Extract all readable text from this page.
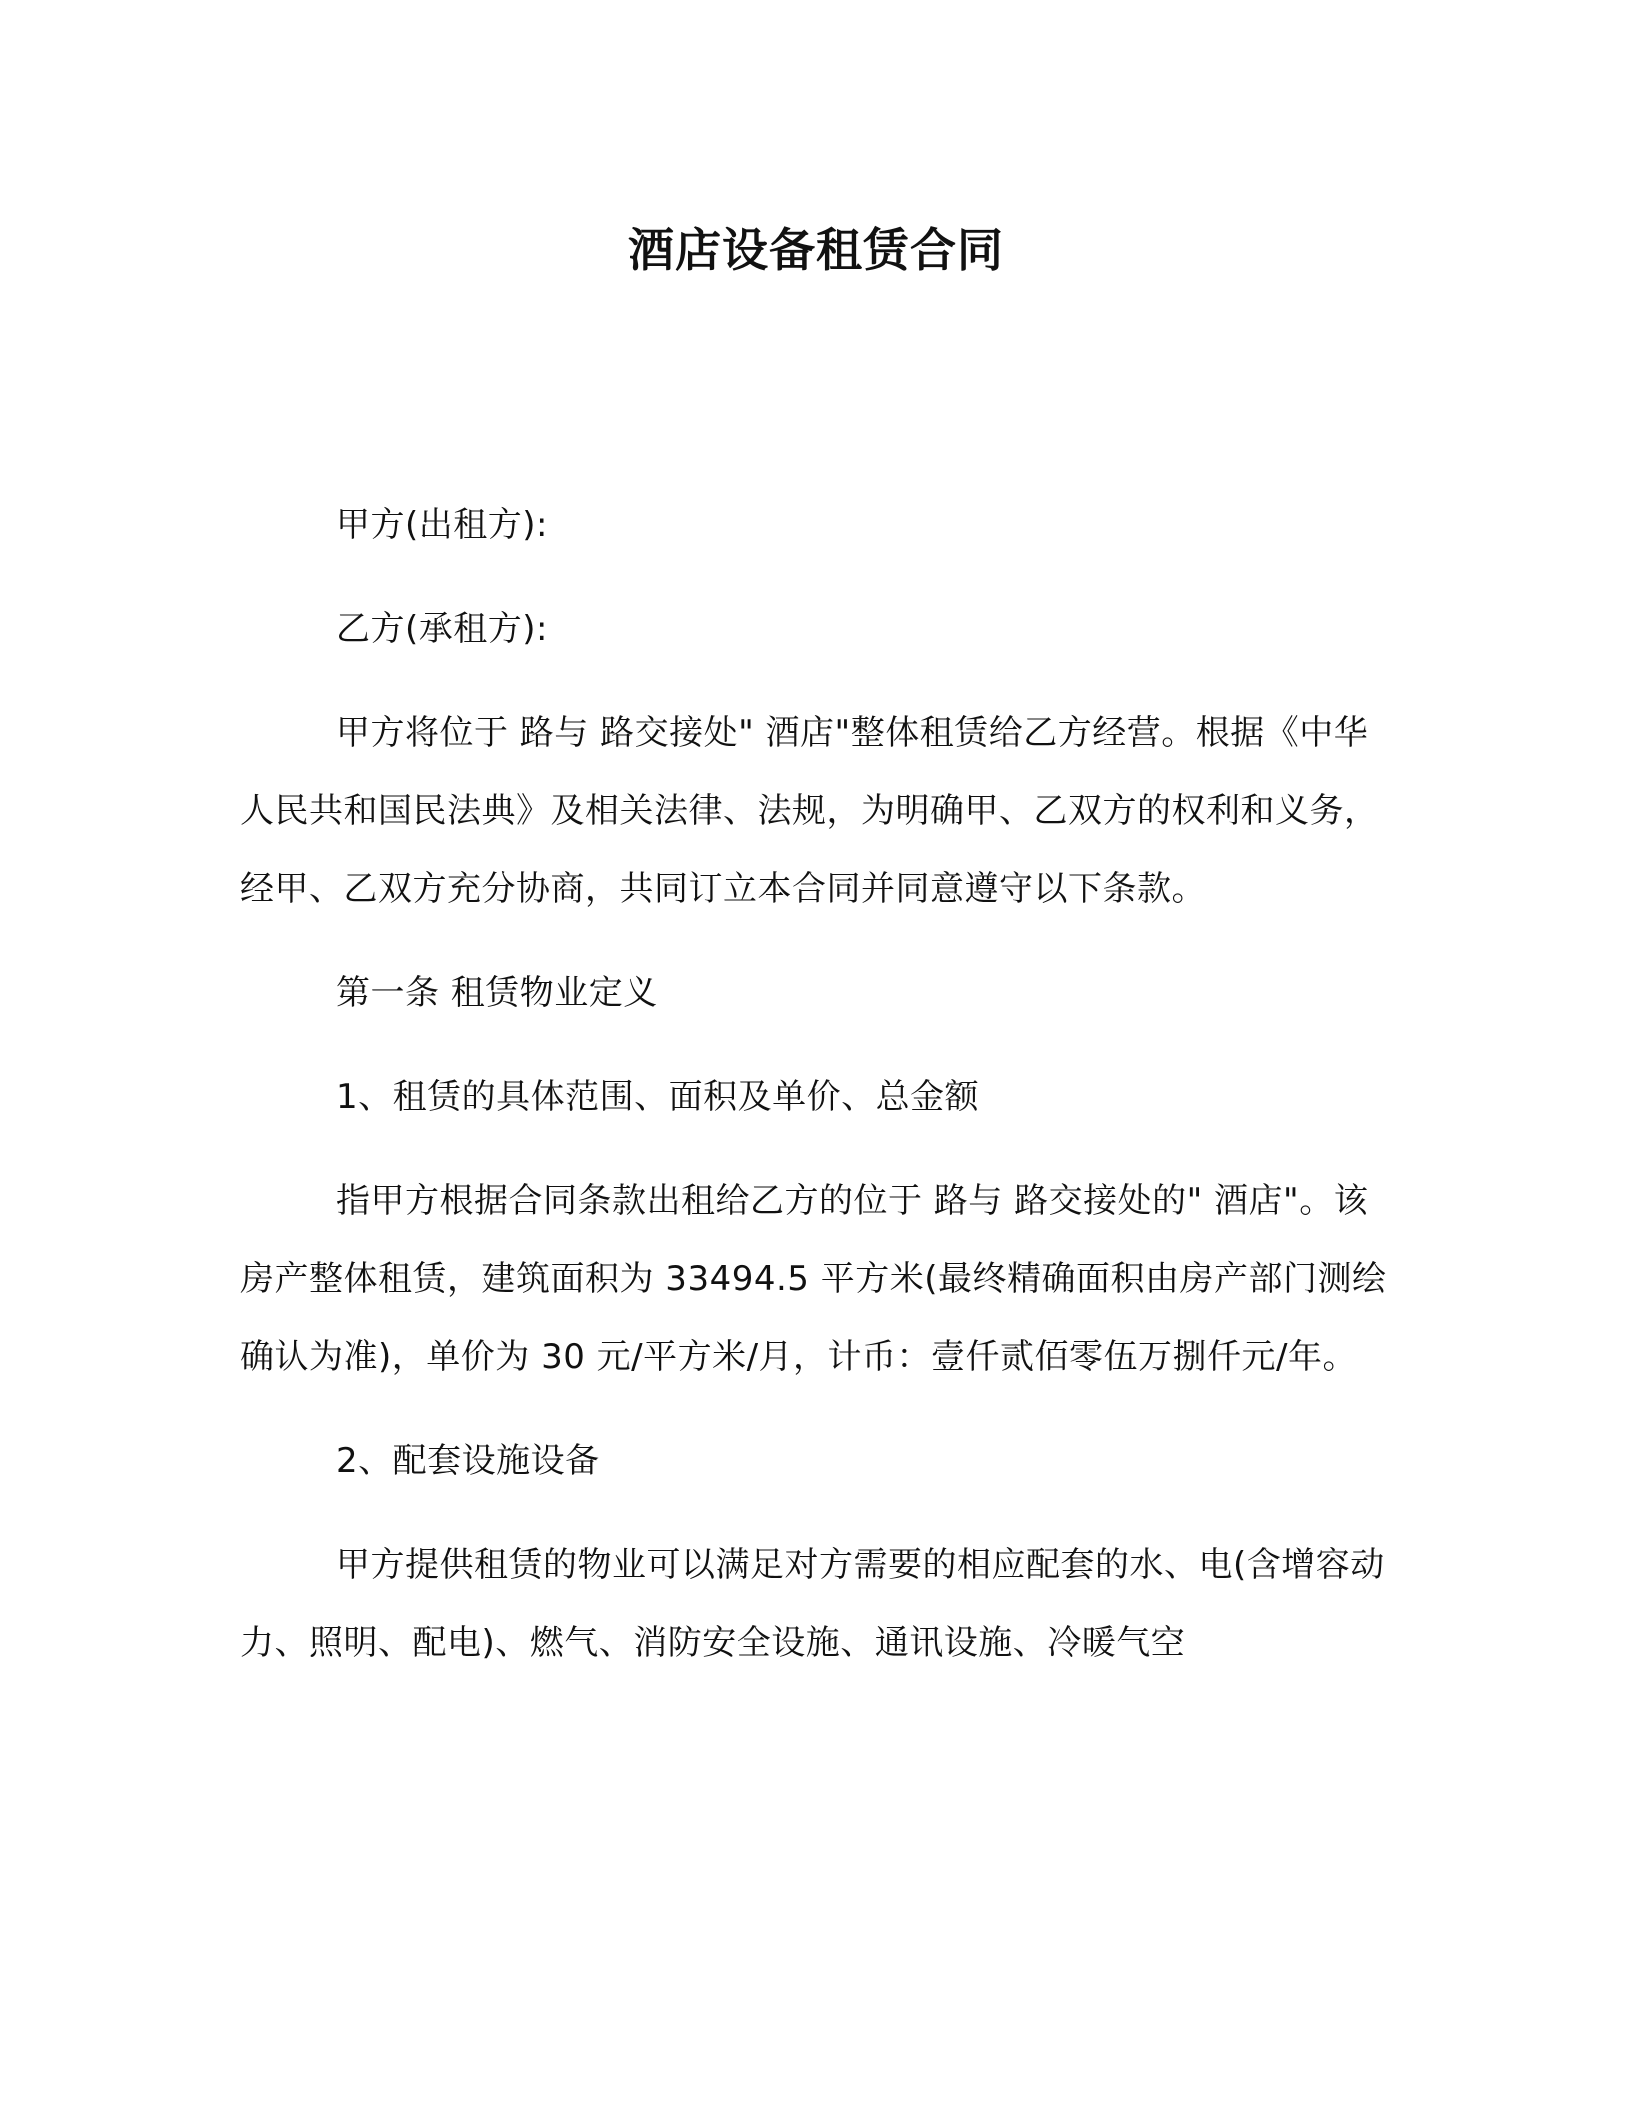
酒店设备租赁合同

甲方(出租方):

乙方(承租方):

甲方将位于 路与 路交接处" 酒店"整体租赁给乙方经营。根据《中华人民共和国民法典》及相关法律、法规，为明确甲、乙双方的权利和义务，经甲、乙双方充分协商，共同订立本合同并同意遵守以下条款。

第一条 租赁物业定义

1、租赁的具体范围、面积及单价、总金额

指甲方根据合同条款出租给乙方的位于 路与 路交接处的" 酒店"。该房产整体租赁，建筑面积为 33494.5 平方米(最终精确面积由房产部门测绘确认为准)，单价为 30 元/平方米/月，计币：壹仟贰佰零伍万捌仟元/年。

2、配套设施设备

甲方提供租赁的物业可以满足对方需要的相应配套的水、电(含增容动力、照明、配电)、燃气、消防安全设施、通讯设施、冷暖气空
